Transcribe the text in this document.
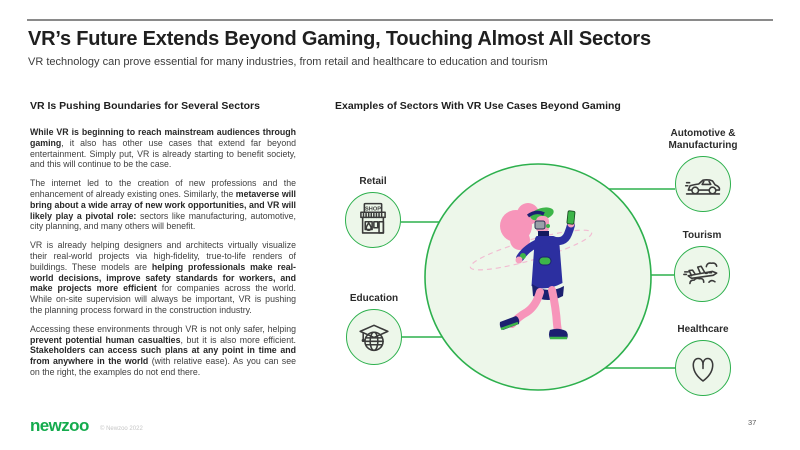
VR’s Future Extends Beyond Gaming, Touching Almost All Sectors

VR technology can prove essential for many industries, from retail and healthcare to education and tourism

VR Is Pushing Boundaries for Several Sectors	Examples of Sectors With VR Use Cases Beyond Gaming

While VR is beginning to reach mainstream audiences through gaming, it also has other use cases that extend far beyond entertainment. Simply put, VR is already starting to benefit society, and this will continue to be the case.

The internet led to the creation of new professions and the enhancement of already existing ones. Similarly, the metaverse will bring about a wide array of new work opportunities, and VR will likely play a pivotal role: sectors like manufacturing, automotive, city planning, and many others will benefit.

VR is already helping designers and architects virtually visualize their real-world projects via high-fidelity, true-to-life renders of buildings. These models are helping professionals make real-world decisions, improve safety standards for workers, and make projects more efficient for companies across the world. While on-site supervision will always be important, VR is pushing the planning process forward in the construction industry.

Accessing these environments through VR is not only safer, helping prevent potential human casualties, but it is also more efficient. Stakeholders can access such plans at any point in time and from anywhere in the world (with relative ease). As you can see on the right, the examples do not end there.

Retail
SHOP
Education
Automotive & Manufacturing
Tourism
Healthcare

newzoo © Newzoo 2022

37
